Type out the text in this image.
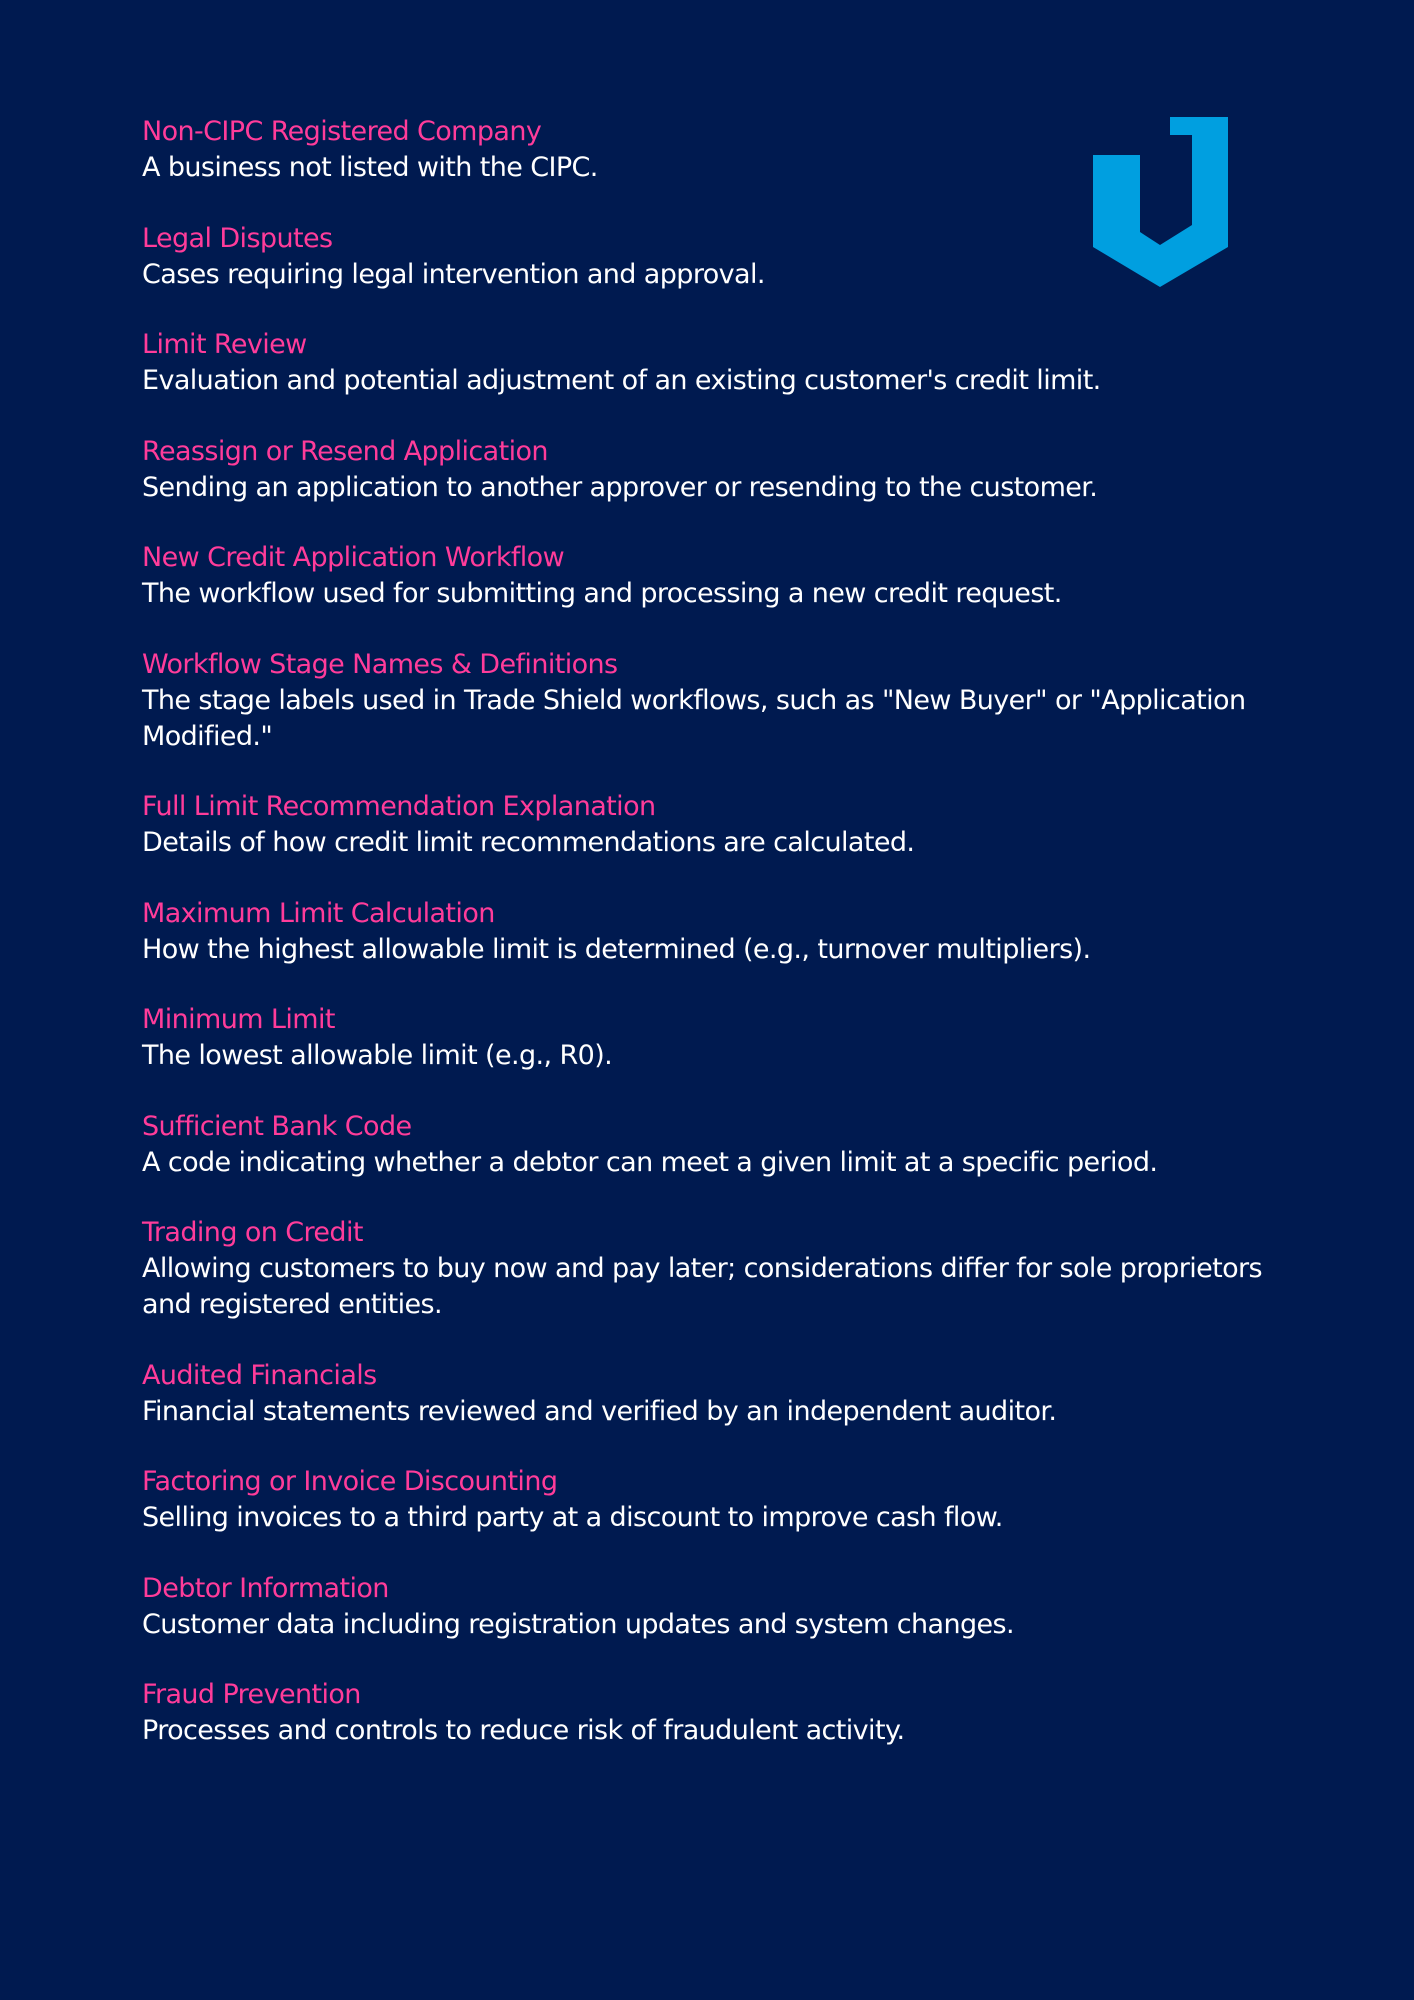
Non-CIPC Registered Company
A business not listed with the CIPC.
Legal Disputes
Cases requiring legal intervention and approval.
Limit Review
Evaluation and potential adjustment of an existing customer's credit limit.
Reassign or Resend Application
Sending an application to another approver or resending to the customer.
New Credit Application Workflow
The workflow used for submitting and processing a new credit request.
Workflow Stage Names & Definitions
The stage labels used in Trade Shield workflows, such as "New Buyer" or "Application Modified."
Full Limit Recommendation Explanation
Details of how credit limit recommendations are calculated.
Maximum Limit Calculation
How the highest allowable limit is determined (e.g., turnover multipliers).
Minimum Limit
The lowest allowable limit (e.g., R0).
Sufficient Bank Code
A code indicating whether a debtor can meet a given limit at a specific period.
Trading on Credit
Allowing customers to buy now and pay later; considerations differ for sole proprietors and registered entities.
Audited Financials
Financial statements reviewed and verified by an independent auditor.
Factoring or Invoice Discounting
Selling invoices to a third party at a discount to improve cash flow.
Debtor Information
Customer data including registration updates and system changes.
Fraud Prevention
Processes and controls to reduce risk of fraudulent activity.
